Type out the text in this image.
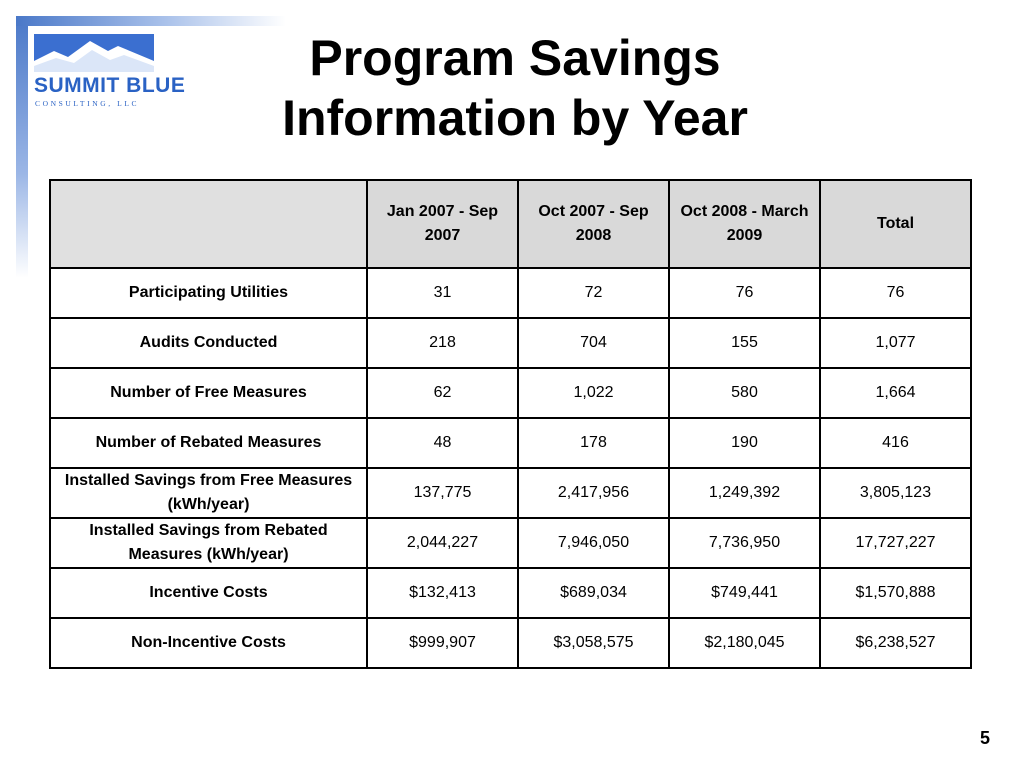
SUMMIT BLUE
CONSULTING, LLC
Program Savings
Information by Year
	Jan 2007 - Sep 2007	Oct 2007 - Sep 2008	Oct 2008 - March 2009	Total
Participating Utilities	31	72	76	76
Audits Conducted	218	704	155	1,077
Number of Free Measures	62	1,022	580	1,664
Number of Rebated Measures	48	178	190	416
Installed Savings from Free Measures (kWh/year)	137,775	2,417,956	1,249,392	3,805,123
Installed Savings from Rebated Measures (kWh/year)	2,044,227	7,946,050	7,736,950	17,727,227
Incentive Costs	$132,413	$689,034	$749,441	$1,570,888
Non-Incentive Costs	$999,907	$3,058,575	$2,180,045	$6,238,527
5
